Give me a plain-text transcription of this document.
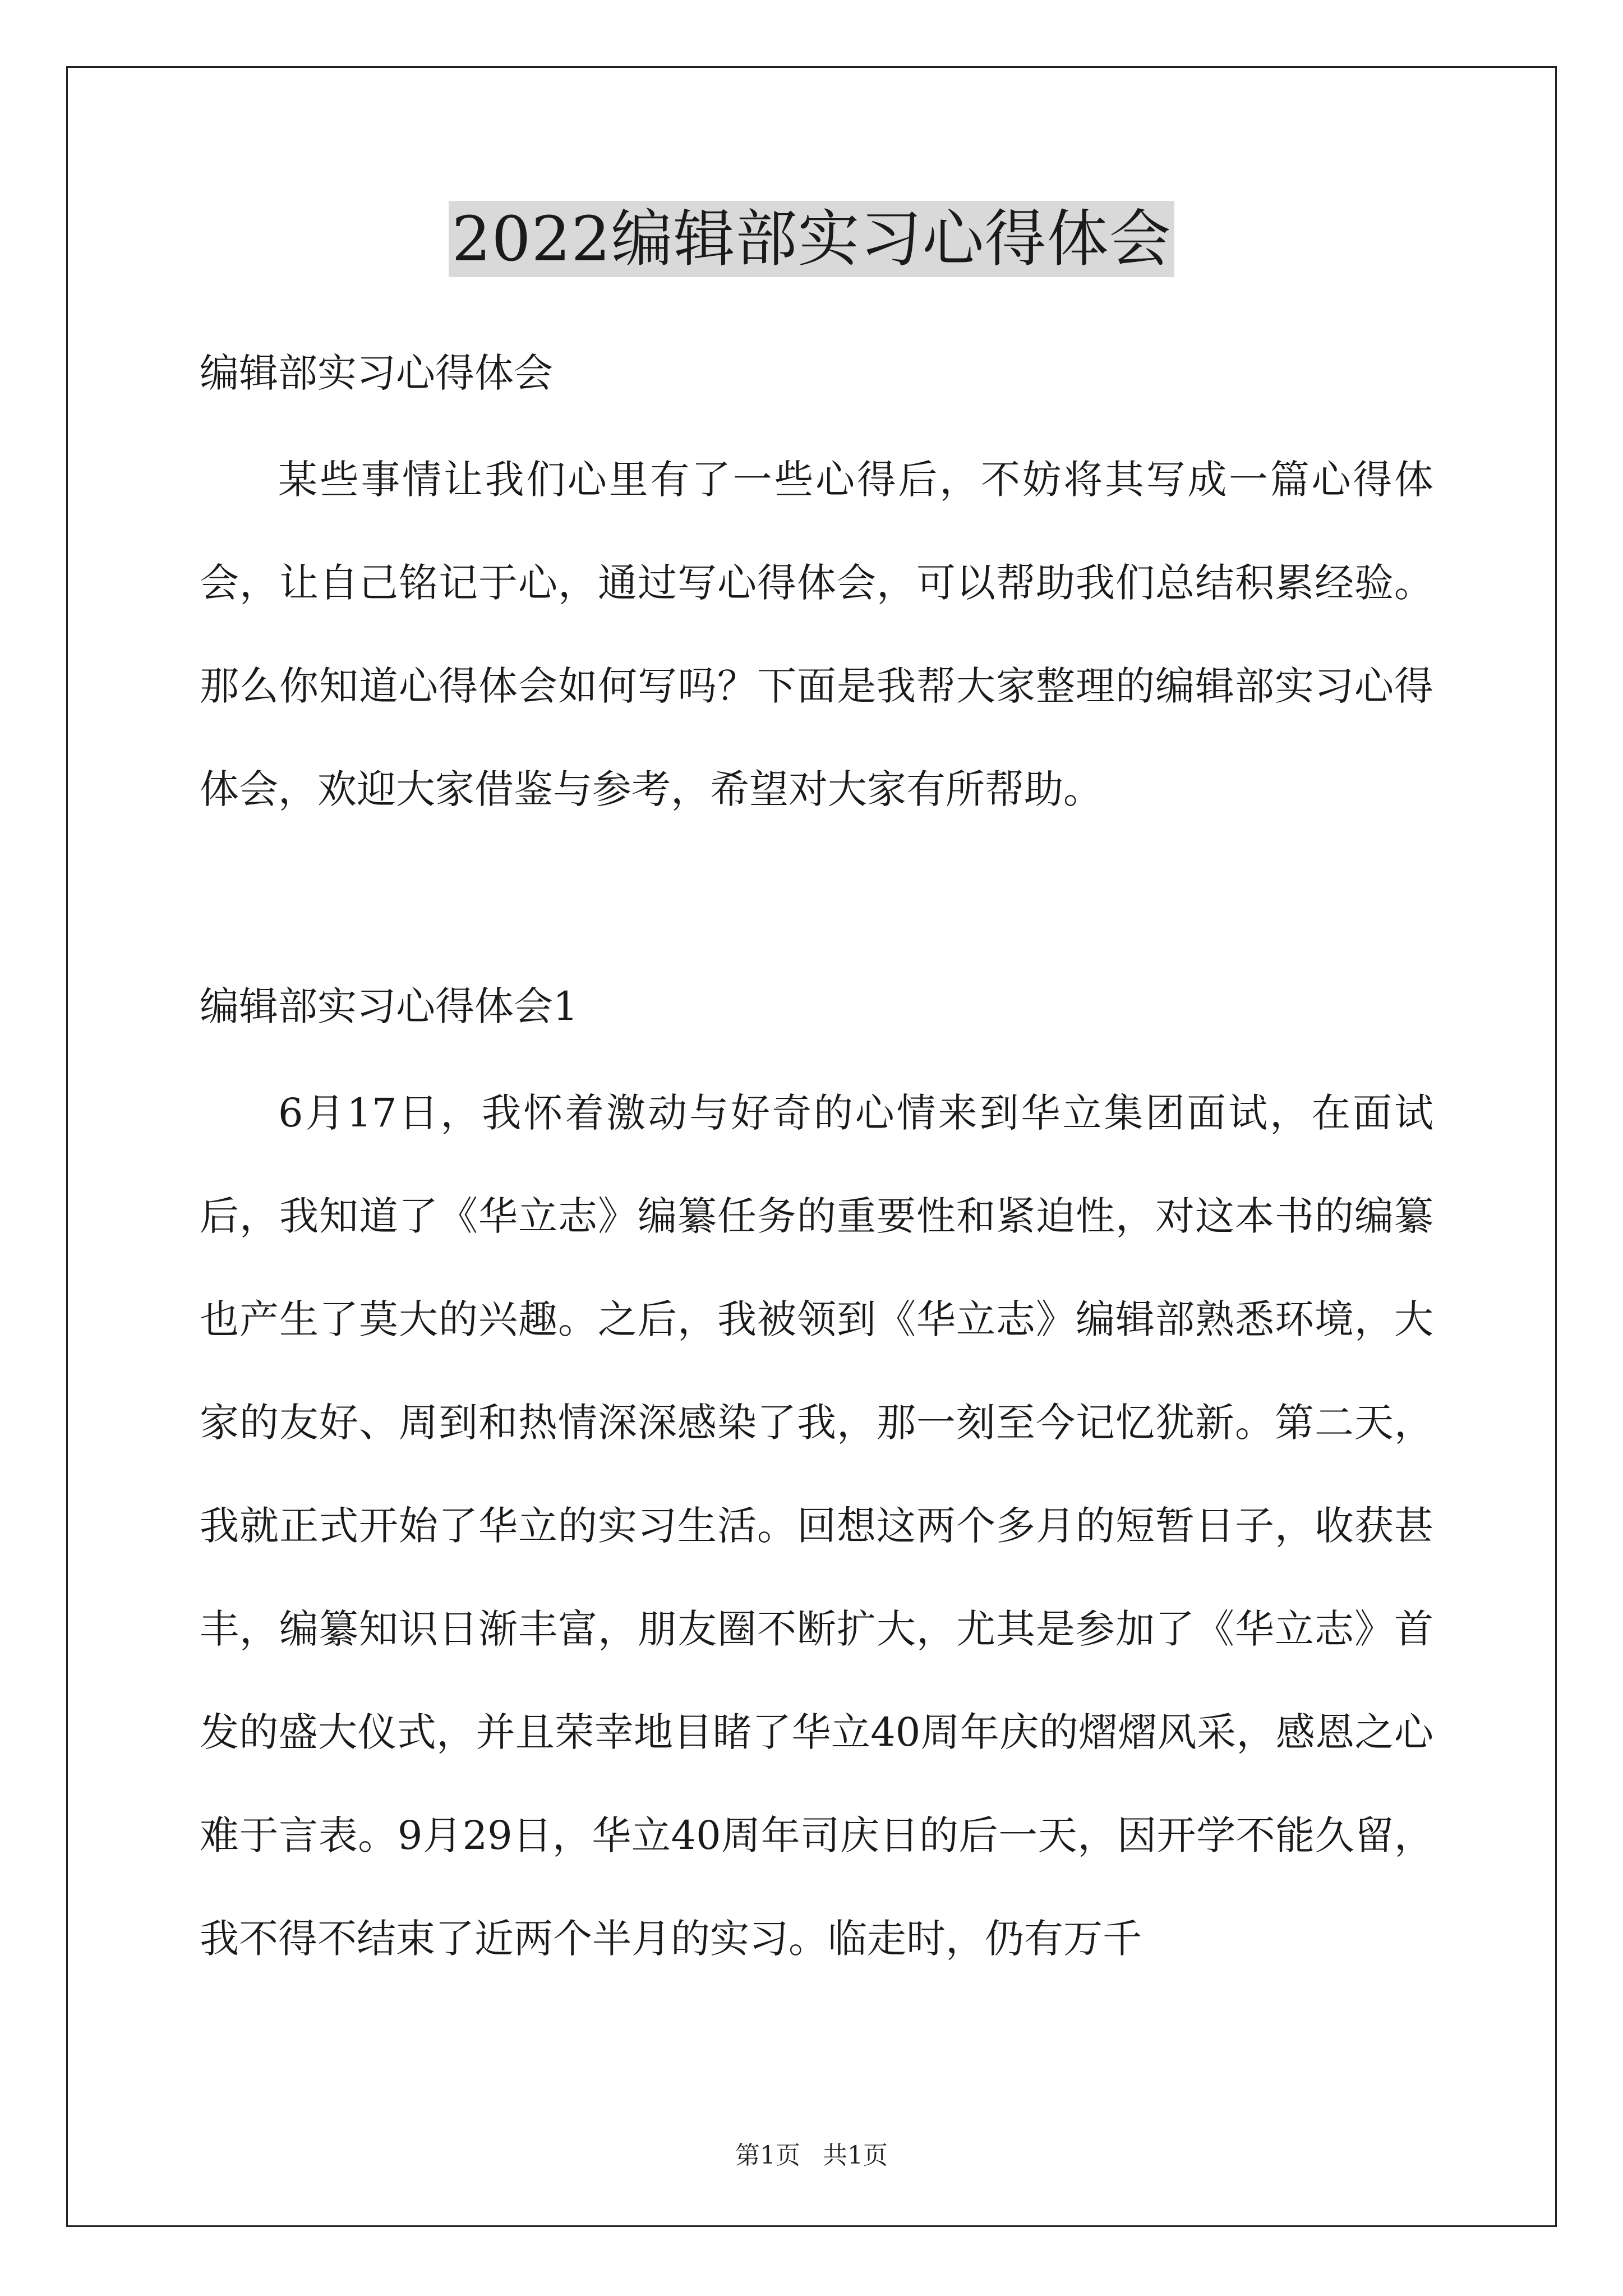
2022编辑部实习心得体会
编辑部实习心得体会

某些事情让我们心里有了一些心得后，不妨将其写成一篇心得体会，让自己铭记于心，通过写心得体会，可以帮助我们总结积累经验。那么你知道心得体会如何写吗？下面是我帮大家整理的编辑部实习心得体会，欢迎大家借鉴与参考，希望对大家有所帮助。

编辑部实习心得体会1

6月17日，我怀着激动与好奇的心情来到华立集团面试，在面试后，我知道了《华立志》编纂任务的重要性和紧迫性，对这本书的编纂也产生了莫大的兴趣。之后，我被领到《华立志》编辑部熟悉环境，大家的友好、周到和热情深深感染了我，那一刻至今记忆犹新。第二天，我就正式开始了华立的实习生活。回想这两个多月的短暂日子，收获甚丰，编纂知识日渐丰富，朋友圈不断扩大，尤其是参加了《华立志》首发的盛大仪式，并且荣幸地目睹了华立40周年庆的熠熠风采，感恩之心难于言表。9月29日，华立40周年司庆日的后一天，因开学不能久留，我不得不结束了近两个半月的实习。临走时，仍有万千

第1页 共1页
